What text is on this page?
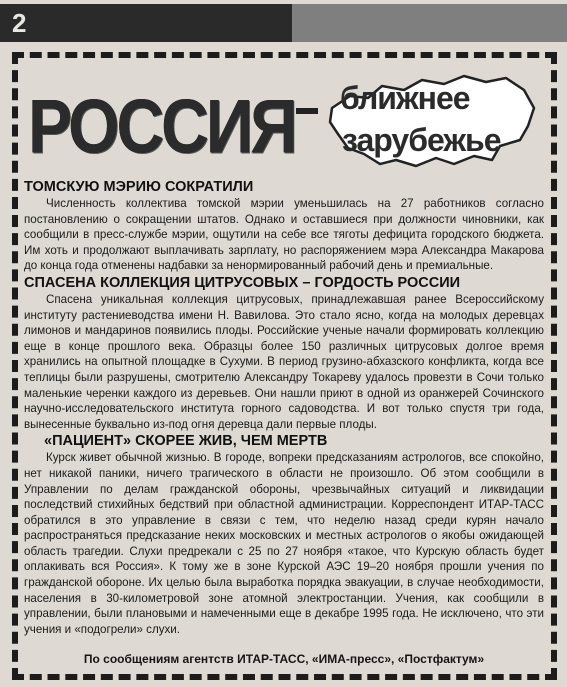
2
РОССИЯ ближнее
зарубежье
ТОМСКУЮ МЭРИЮ СОКРАТИЛИ

Численность коллектива томской мэрии уменьшилась на 27 работников согласно постановлению о сокращении штатов. Однако и оставшиеся при должности чиновники, как сообщили в пресс-службе мэрии, ощутили на себе все тяготы дефицита городского бюджета. Им хоть и продолжают выплачивать зарплату, но распоряжением мэра Александра Макарова до конца года отменены надбавки за ненормированный рабочий день и премиальные.

СПАСЕНА КОЛЛЕКЦИЯ ЦИТРУСОВЫХ – ГОРДОСТЬ РОССИИ

Спасена уникальная коллекция цитрусовых, принадлежавшая ранее Всероссийскому институту растениеводства имени Н. Вавилова. Это стало ясно, когда на молодых деревцах лимонов и мандаринов появились плоды. Российские ученые начали формировать коллекцию еще в конце прошлого века. Образцы более 150 различных цитрусовых долгое время хранились на опытной площадке в Сухуми. В период грузино-абхазского конфликта, когда все теплицы были разрушены, смотрителю Александру Токареву удалось провезти в Сочи только маленькие черенки каждого из деревьев. Они нашли приют в одной из оранжерей Сочинского научно-исследовательского института горного садоводства. И вот только спустя три года, вынесенные буквально из-под огня деревца дали первые плоды.

«ПАЦИЕНТ» СКОРЕЕ ЖИВ, ЧЕМ МЕРТВ

Курск живет обычной жизнью. В городе, вопреки предсказаниям астрологов, все спокойно, нет никакой паники, ничего трагического в области не произошло. Об этом сообщили в Управлении по делам гражданской обороны, чрезвычайных ситуаций и ликвидации последствий стихийных бедствий при областной администрации. Корреспондент ИТАР-ТАСС обратился в это управление в связи с тем, что неделю назад среди курян начало распространяться предсказание неких московских и местных астрологов о якобы ожидающей область трагедии. Слухи предрекали с 25 по 27 ноября «такое, что Курскую область будет оплакивать вся Россия». К тому же в зоне Курской АЭС 19–20 ноября прошли учения по гражданской обороне. Их целью была выработка порядка эвакуации, в случае необходимости, населения в 30-километровой зоне атомной электростанции. Учения, как сообщили в управлении, были плановыми и намеченными еще в декабре 1995 года. Не исключено, что эти учения и «подогрели» слухи.

По сообщениям агентств ИТАР-ТАСС, «ИМА-пресс», «Постфактум»
